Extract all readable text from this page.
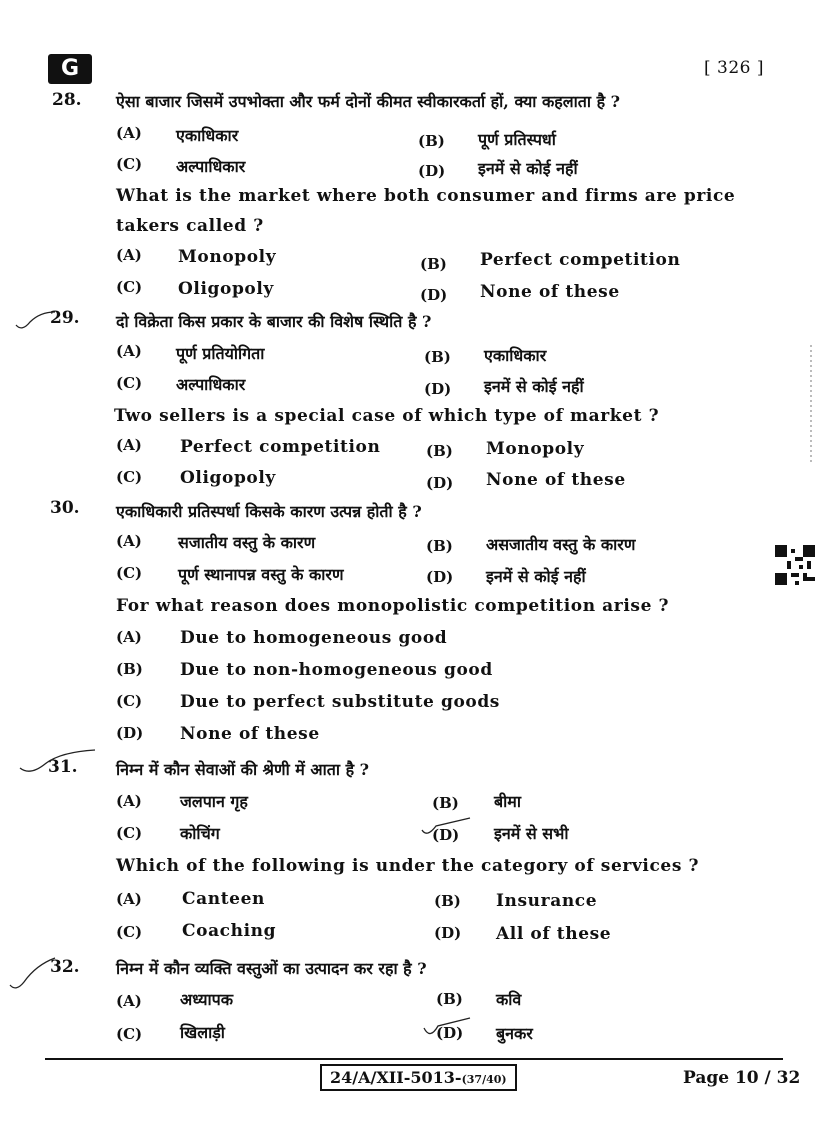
G	[ 326 ]
28. ऐसा बाजार जिसमें उपभोक्ता और फर्म दोनों कीमत स्वीकारकर्ता हों, क्या कहलाता है ?
(A) एकाधिकार	(B) पूर्ण प्रतिस्पर्धा
(C) अल्पाधिकार	(D) इनमें से कोई नहीं
What is the market where both consumer and firms are price
takers called ?
(A) Monopoly	(B) Perfect competition
(C) Oligopoly	(D) None of these
29. दो विक्रेता किस प्रकार के बाजार की विशेष स्थिति है ?
(A) पूर्ण प्रतियोगिता	(B) एकाधिकार
(C) अल्पाधिकार	(D) इनमें से कोई नहीं
Two sellers is a special case of which type of market ?
(A) Perfect competition	(B) Monopoly
(C) Oligopoly	(D) None of these
30. एकाधिकारी प्रतिस्पर्धा किसके कारण उत्पन्न होती है ?
(A) सजातीय वस्तु के कारण	(B) असजातीय वस्तु के कारण
(C) पूर्ण स्थानापन्न वस्तु के कारण	(D) इनमें से कोई नहीं
For what reason does monopolistic competition arise ?
(A) Due to homogeneous good
(B) Due to non-homogeneous good
(C) Due to perfect substitute goods
(D) None of these
31. निम्न में कौन सेवाओं की श्रेणी में आता है ?
(A) जलपान गृह	(B) बीमा
(C) कोचिंग	(D) इनमें से सभी
Which of the following is under the category of services ?
(A) Canteen	(B) Insurance
(C) Coaching	(D) All of these
32. निम्न में कौन व्यक्ति वस्तुओं का उत्पादन कर रहा है ?
(A) अध्यापक	(B) कवि
(C) खिलाड़ी	(D) बुनकर
24/A/XII-5013-(37/40)	Page 10 / 32
